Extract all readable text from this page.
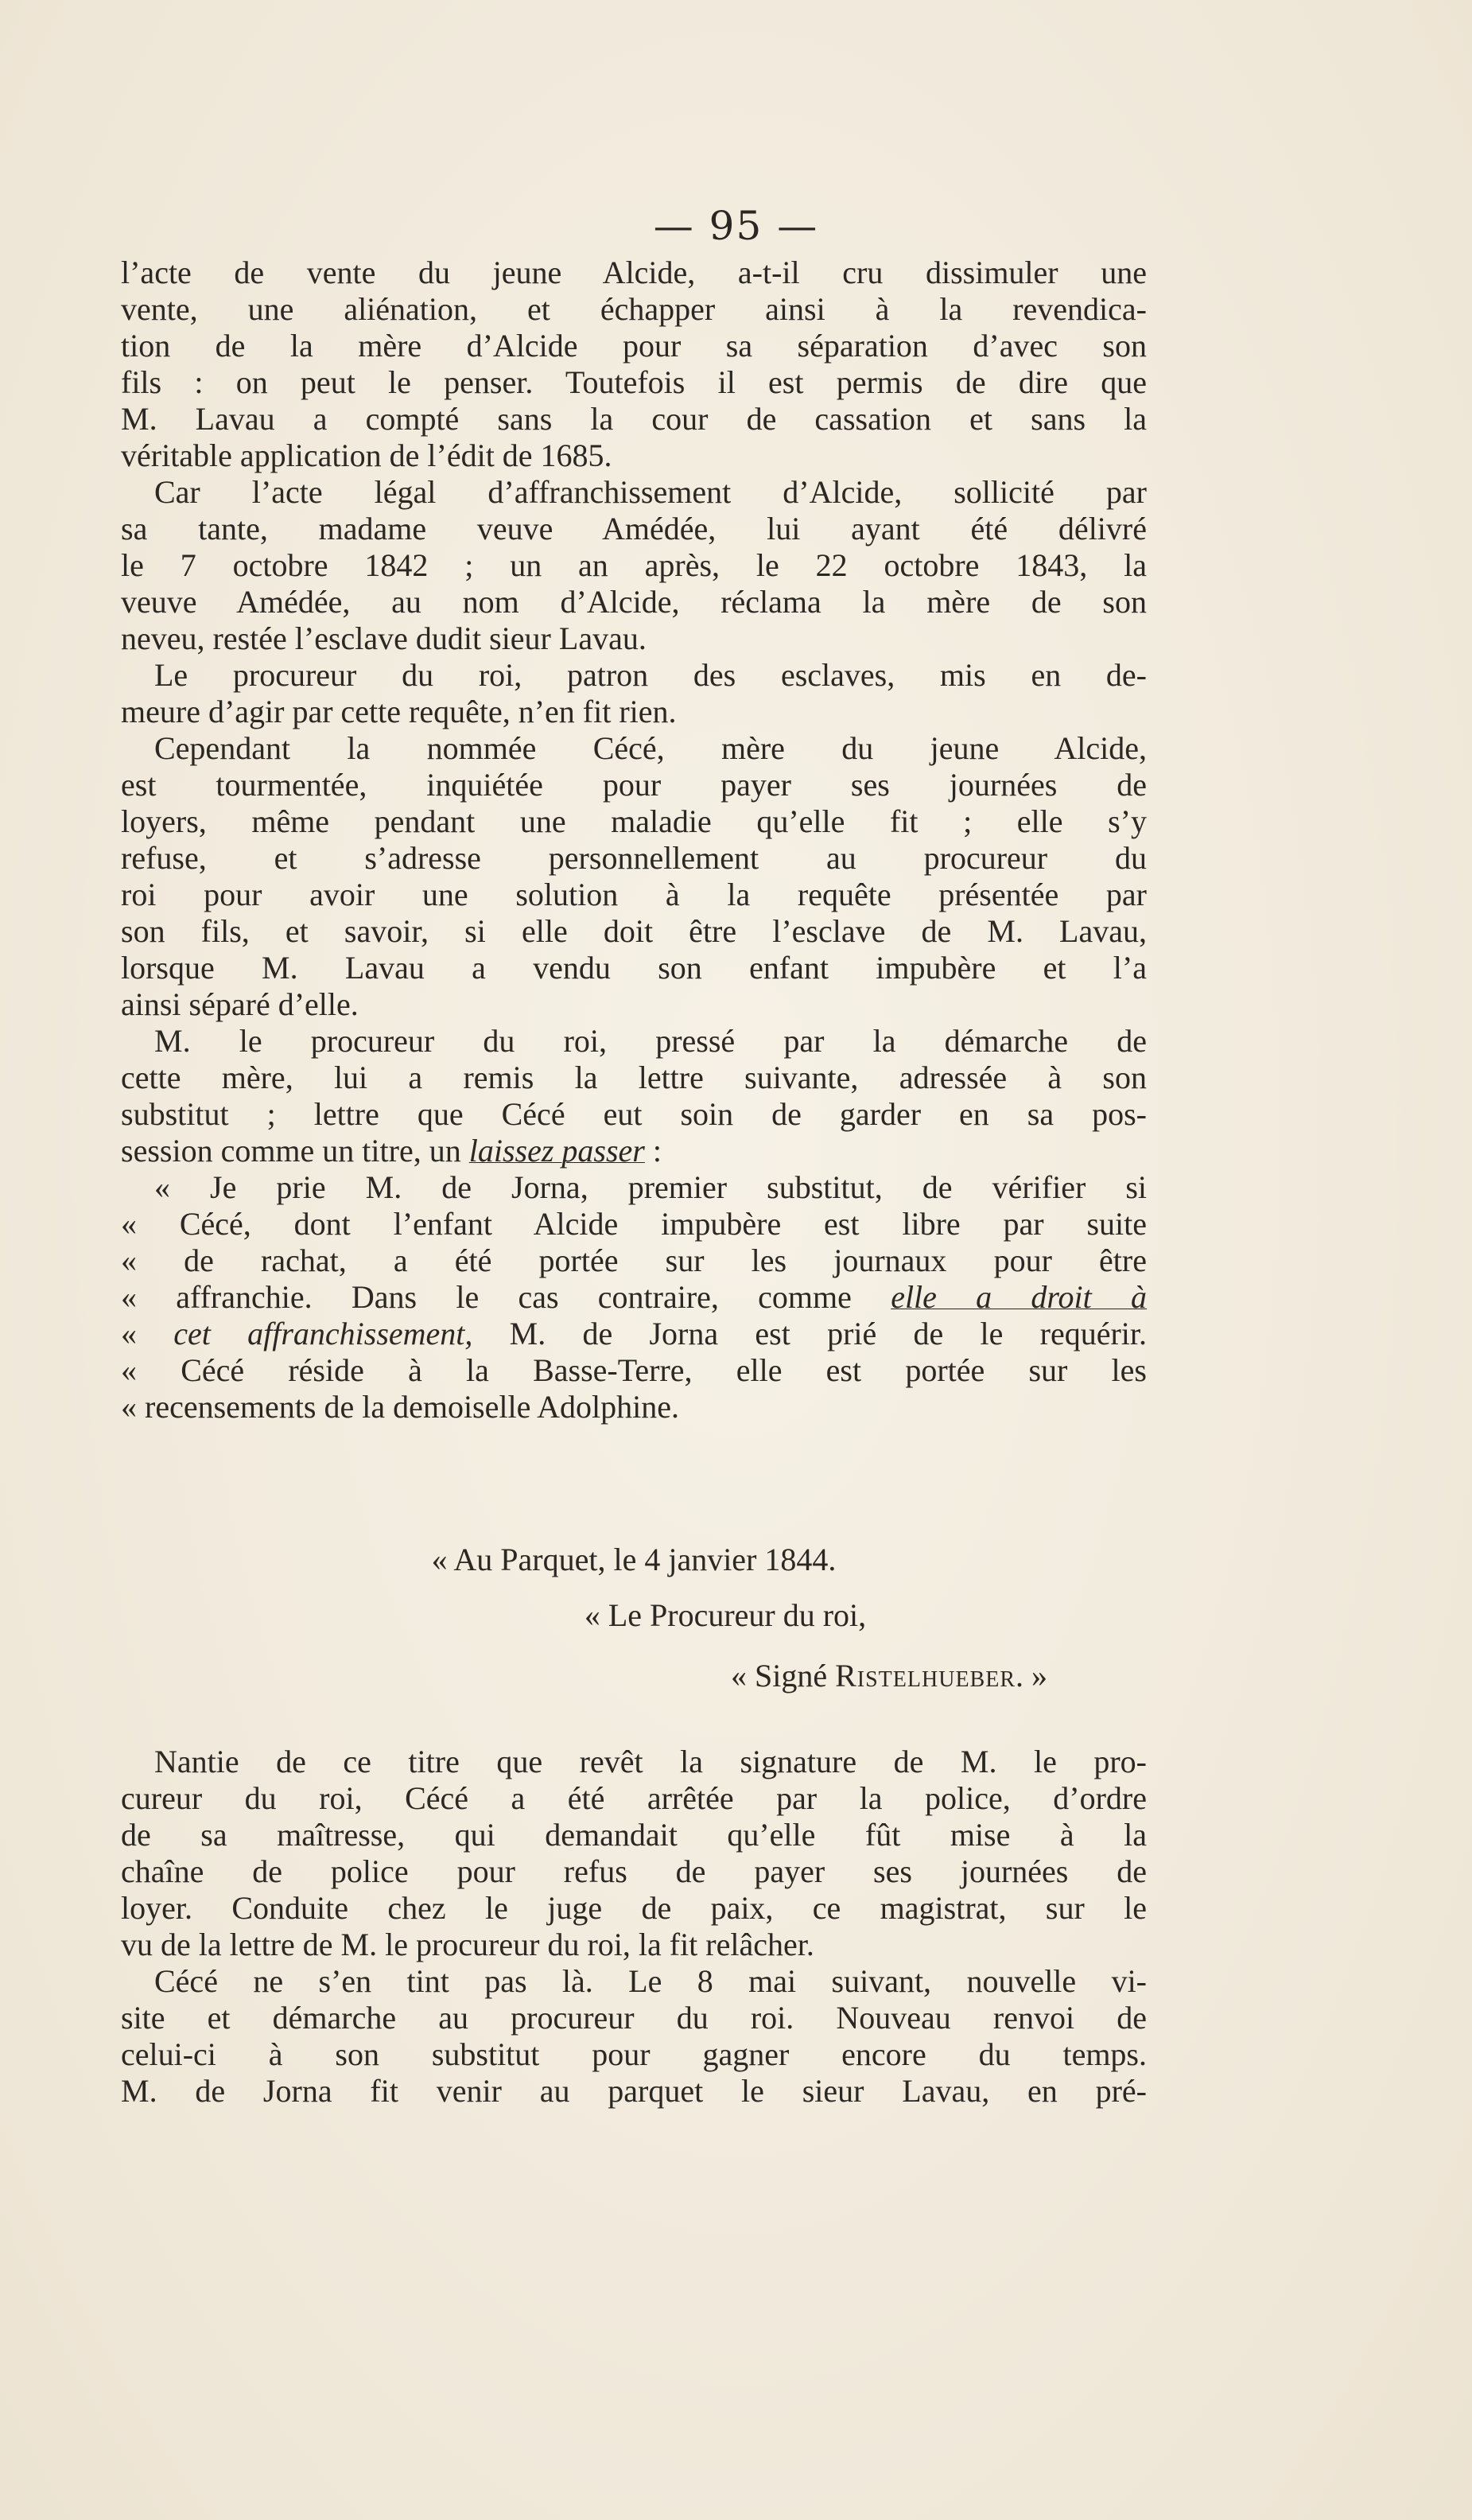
— 95 —
l’acte de vente du jeune Alcide, a-t-il cru dissimuler une
vente, une aliénation, et échapper ainsi à la revendica-
tion de la mère d’Alcide pour sa séparation d’avec son
fils : on peut le penser. Toutefois il est permis de dire que
M. Lavau a compté sans la cour de cassation et sans la
véritable application de l’édit de 1685.
Car l’acte légal d’affranchissement d’Alcide, sollicité par
sa tante, madame veuve Amédée, lui ayant été délivré
le 7 octobre 1842 ; un an après, le 22 octobre 1843, la
veuve Amédée, au nom d’Alcide, réclama la mère de son
neveu, restée l’esclave dudit sieur Lavau.
Le procureur du roi, patron des esclaves, mis en de-
meure d’agir par cette requête, n’en fit rien.
Cependant la nommée Cécé, mère du jeune Alcide,
est tourmentée, inquiétée pour payer ses journées de
loyers, même pendant une maladie qu’elle fit ; elle s’y
refuse, et s’adresse personnellement au procureur du
roi pour avoir une solution à la requête présentée par
son fils, et savoir, si elle doit être l’esclave de M. Lavau,
lorsque M. Lavau a vendu son enfant impubère et l’a
ainsi séparé d’elle.
M. le procureur du roi, pressé par la démarche de
cette mère, lui a remis la lettre suivante, adressée à son
substitut ; lettre que Cécé eut soin de garder en sa pos-
session comme un titre, un laissez passer :
« Je prie M. de Jorna, premier substitut, de vérifier si
« Cécé, dont l’enfant Alcide impubère est libre par suite
« de rachat, a été portée sur les journaux pour être
« affranchie. Dans le cas contraire, comme elle a droit à
« cet affranchissement, M. de Jorna est prié de le requérir.
« Cécé réside à la Basse-Terre, elle est portée sur les
« recensements de la demoiselle Adolphine.
« Au Parquet, le 4 janvier 1844.
« Le Procureur du roi,
« Signé Ristelhueber. »
Nantie de ce titre que revêt la signature de M. le pro-
cureur du roi, Cécé a été arrêtée par la police, d’ordre
de sa maîtresse, qui demandait qu’elle fût mise à la
chaîne de police pour refus de payer ses journées de
loyer. Conduite chez le juge de paix, ce magistrat, sur le
vu de la lettre de M. le procureur du roi, la fit relâcher.
Cécé ne s’en tint pas là. Le 8 mai suivant, nouvelle vi-
site et démarche au procureur du roi. Nouveau renvoi de
celui-ci à son substitut pour gagner encore du temps.
M. de Jorna fit venir au parquet le sieur Lavau, en pré-
